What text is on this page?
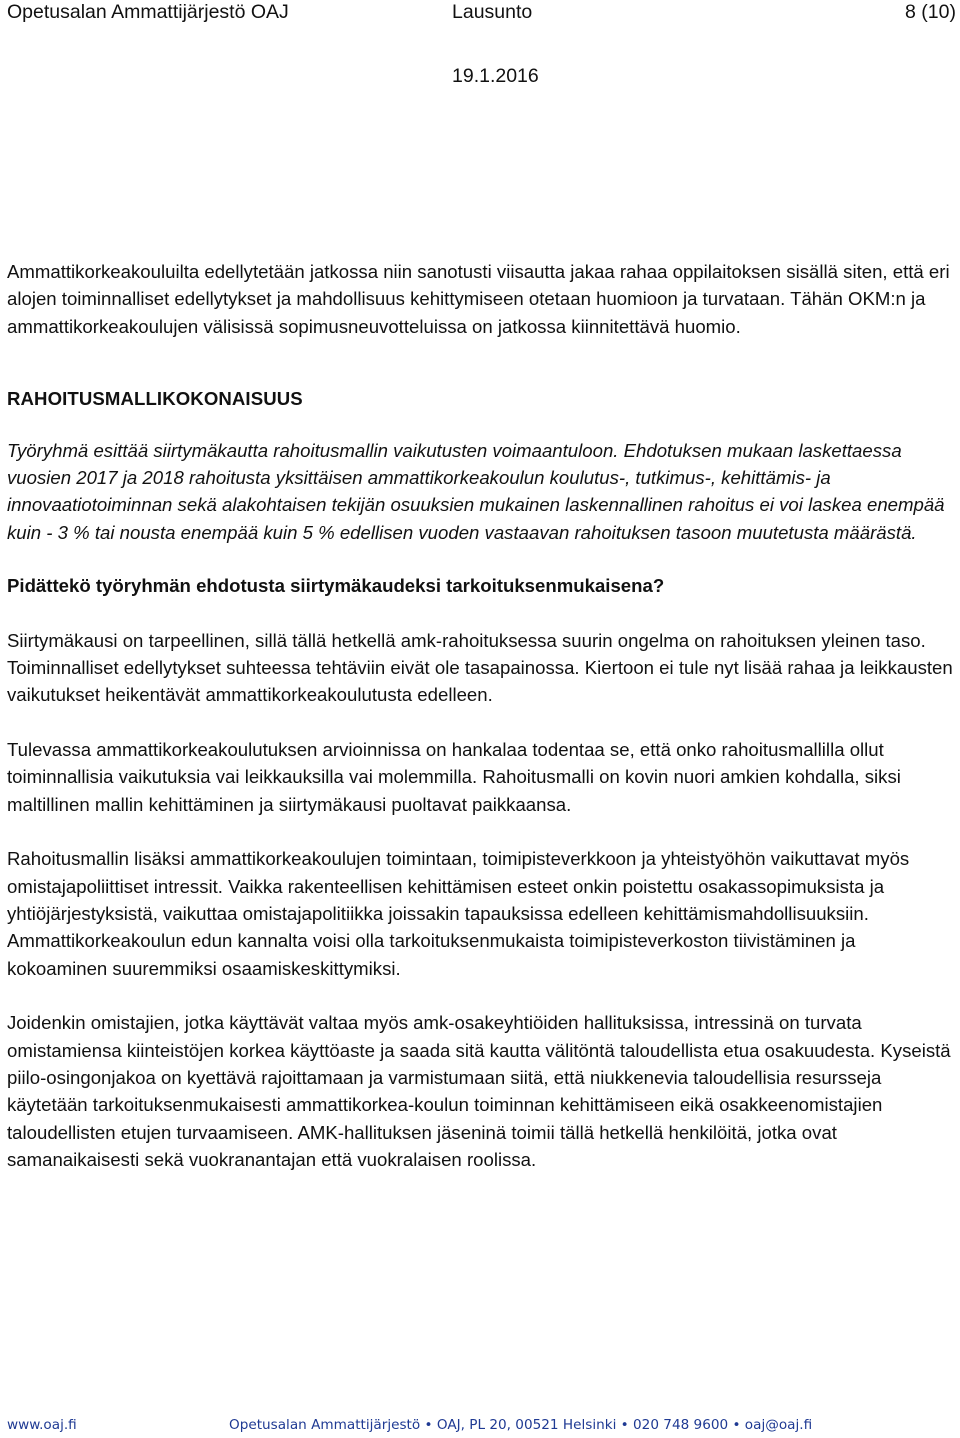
Opetusalan Ammattijärjestö OAJ	Lausunto	8 (10)
19.1.2016

Ammattikorkeakouluilta edellytetään jatkossa niin sanotusti viisautta jakaa rahaa oppilaitoksen sisällä siten, että eri alojen toiminnalliset edellytykset ja mahdollisuus kehittymiseen otetaan huomioon ja turvataan. Tähän OKM:n ja ammattikorkeakoulujen välisissä sopimusneuvotteluissa on jatkossa kiinnitettävä huomio.

RAHOITUSMALLIKOKONAISUUS

Työryhmä esittää siirtymäkautta rahoitusmallin vaikutusten voimaantuloon. Ehdotuksen mukaan laskettaessa vuosien 2017 ja 2018 rahoitusta yksittäisen ammattikorkeakoulun koulutus-, tutkimus-, kehittämis- ja innovaatiotoiminnan sekä alakohtaisen tekijän osuuksien mukainen laskennallinen rahoitus ei voi laskea enempää kuin - 3 % tai nousta enempää kuin 5 % edellisen vuoden vastaavan rahoituksen tasoon muutetusta määrästä.

Pidättekö työryhmän ehdotusta siirtymäkaudeksi tarkoituksenmukaisena?

Siirtymäkausi on tarpeellinen, sillä tällä hetkellä amk-rahoituksessa suurin ongelma on rahoituksen yleinen taso. Toiminnalliset edellytykset suhteessa tehtäviin eivät ole tasapainossa. Kiertoon ei tule nyt lisää rahaa ja leikkausten vaikutukset heikentävät ammattikorkeakoulutusta edelleen.

Tulevassa ammattikorkeakoulutuksen arvioinnissa on hankalaa todentaa se, että onko rahoitusmallilla ollut toiminnallisia vaikutuksia vai leikkauksilla vai molemmilla. Rahoitusmalli on kovin nuori amkien kohdalla, siksi maltillinen mallin kehittäminen ja siirtymäkausi puoltavat paikkaansa.

Rahoitusmallin lisäksi ammattikorkeakoulujen toimintaan, toimipisteverkkoon ja yhteistyöhön vaikuttavat myös omistajapoliittiset intressit. Vaikka rakenteellisen kehittämisen esteet onkin poistettu osakassopimuksista ja yhtiöjärjestyksistä, vaikuttaa omistajapolitiikka joissakin tapauksissa edelleen kehittämismahdollisuuksiin. Ammattikorkeakoulun edun kannalta voisi olla tarkoituksenmukaista toimipisteverkoston tiivistäminen ja kokoaminen suuremmiksi osaamiskeskittymiksi.

Joidenkin omistajien, jotka käyttävät valtaa myös amk-osakeyhtiöiden hallituksissa, intressinä on turvata omistamiensa kiinteistöjen korkea käyttöaste ja saada sitä kautta välitöntä taloudellista etua osakuudesta. Kyseistä piilo-osingonjakoa on kyettävä rajoittamaan ja varmistumaan siitä, että niukkenevia taloudellisia resursseja käytetään tarkoituksenmukaisesti ammattikorkea-koulun toiminnan kehittämiseen eikä osakkeenomistajien taloudellisten etujen turvaamiseen. AMK-hallituksen jäseninä toimii tällä hetkellä henkilöitä, jotka ovat samanaikaisesti sekä vuokranantajan että vuokralaisen roolissa.

www.oaj.fi	Opetusalan Ammattijärjestö • OAJ, PL 20, 00521 Helsinki • 020 748 9600 • oaj@oaj.fi
